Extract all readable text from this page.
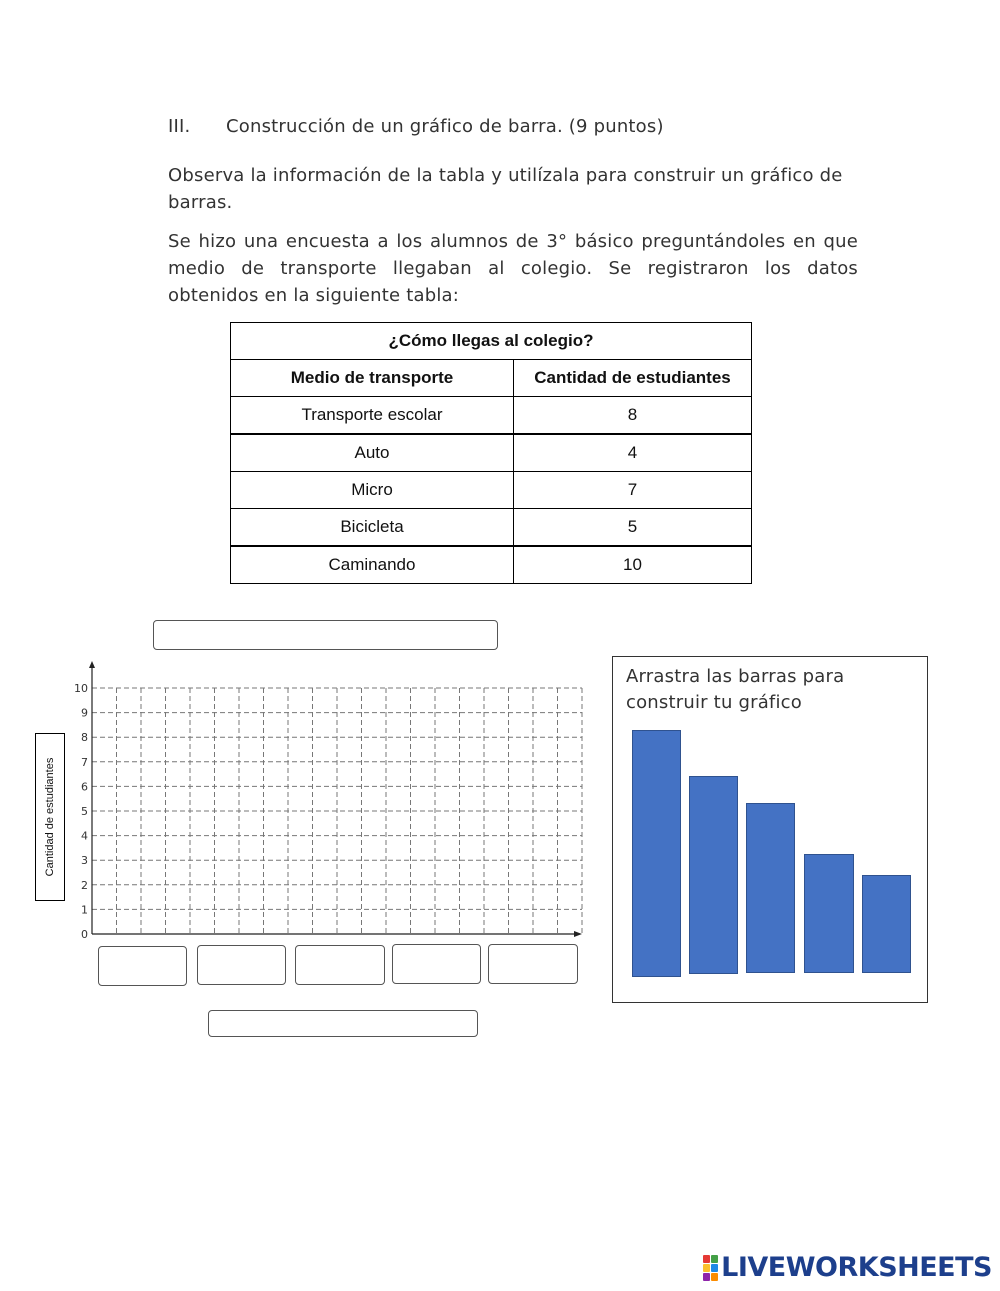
III. Construcción de un gráfico de barra. (9 puntos)
Observa la información de la tabla y utilízala para construir un gráfico de barras.
Se hizo una encuesta a los alumnos de 3° básico preguntándoles en que medio de transporte llegaban al colegio. Se registraron los datos obtenidos en la siguiente tabla:
¿Cómo llegas al colegio?	
Medio de transporte	Cantidad de estudiantes
Transporte escolar	8
Auto	4
Micro	7
Bicicleta	5
Caminando	10
Cantidad de estudiantes
0
1
2
3
4
5
6
7
8
9
10
Arrastra las barras para
construir tu gráfico
LIVEWORKSHEETS
